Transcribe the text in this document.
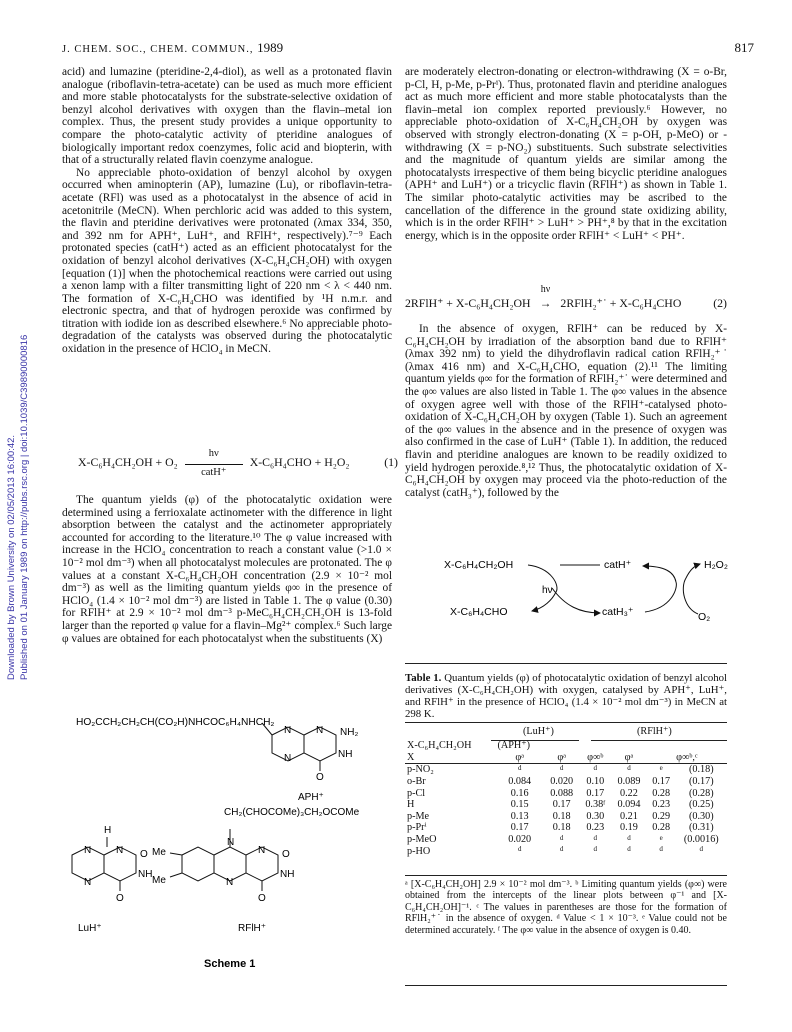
J. CHEM. SOC., CHEM. COMMUN., 1989	817
Downloaded by Brown University on 02/05/2013 16:00:42. Published on 01 January 1989 on http://pubs.rsc.org | doi:10.1039/C39890000816

acid) and lumazine (pteridine-2,4-diol), as well as a protonated flavin analogue (riboflavin-tetra-acetate) can be used as much more efficient and more stable photocatalysts for the substrate-selective oxidation of benzyl alcohol derivatives with oxygen than the flavin–metal ion complex. Thus, the present study provides a unique opportunity to compare the photo-catalytic activity of pteridine analogues of biologically important redox coenzymes, folic acid and biopterin, with that of a structurally related flavin coenzyme analogue.

No appreciable photo-oxidation of benzyl alcohol by oxygen occurred when aminopterin (AP), lumazine (Lu), or riboflavin-tetra-acetate (RFl) was used as a photocatalyst in the absence of acid in acetonitrile (MeCN). When perchloric acid was added to this system, the flavin and pteridine derivatives were protonated (λmax 334, 350, and 392 nm for APH⁺, LuH⁺, and RFlH⁺, respectively).⁷⁻⁹ Each protonated species (catH⁺) acted as an efficient photocatalyst for the oxidation of benzyl alcohol derivatives (X-C₆H₄CH₂OH) with oxygen [equation (1)] when the photochemical reactions were carried out using a xenon lamp with a filter transmitting light of 220 nm < λ < 440 nm. The formation of X-C₆H₄CHO was identified by ¹H n.m.r. and electronic spectra, and that of hydrogen peroxide was confirmed by titration with iodide ion as described elsewhere.⁶ No appreciable photo-degradation of the catalysts was observed during the photocatalytic oxidation in the presence of HClO₄ in MeCN.

X-C₆H₄CH₂OH + O₂
hν
catH⁺
X-C₆H₄CHO + H₂O₂	(1)

The quantum yields (φ) of the photocatalytic oxidation were determined using a ferrioxalate actinometer with the difference in light absorption between the catalyst and the actinometer appropriately accounted for according to the literature.¹⁰ The φ value increased with increase in the HClO₄ concentration to reach a constant value (>1.0 × 10⁻² mol dm⁻³) when all photocatalyst molecules are protonated. The φ values at a constant X-C₆H₄CH₂OH concentration (2.9 × 10⁻² mol dm⁻³) as well as the limiting quantum yields φ∞ in the presence of HClO₄ (1.4 × 10⁻² mol dm⁻³) are listed in Table 1. The φ value (0.30) for RFlH⁺ at 2.9 × 10⁻² mol dm⁻³ p-MeC₆H₄CH₂CH₂OH is 13-fold larger than the reported φ value for a flavin–Mg²⁺ complex.⁶ Such large φ values are obtained for each photocatalyst when the substituents (X)

are moderately electron-donating or electron-withdrawing (X = o-Br, p-Cl, H, p-Me, p-Prⁱ). Thus, protonated flavin and pteridine analogues act as much more efficient and more stable photocatalysts than the flavin–metal ion complex reported previously.⁶ However, no appreciable photo-oxidation of X-C₆H₄CH₂OH by oxygen was observed with strongly electron-donating (X = p-OH, p-MeO) or -withdrawing (X = p-NO₂) substituents. Such substrate selectivities and the magnitude of quantum yields are similar among the photocatalysts irrespective of them being bicyclic pteridine analogues (APH⁺ and LuH⁺) or a tricyclic flavin (RFlH⁺) as shown in Table 1. The similar photo-catalytic activities may be ascribed to the cancellation of the difference in the ground state oxidizing ability, which is in the order RFlH⁺ > LuH⁺ > PH⁺,⁸ by that in the excitation energy, which is in the opposite order RFlH⁺ < LuH⁺ < PH⁺.

2RFlH⁺ + X-C₆H₄CH₂OH
hν
→ 2RFlH₂⁺˙ + X-C₆H₄CHO	(2)

In the absence of oxygen, RFlH⁺ can be reduced by X-C₆H₄CH₂OH by irradiation of the absorption band due to RFlH⁺ (λmax 392 nm) to yield the dihydroflavin radical cation RFlH₂⁺˙ (λmax 416 nm) and X-C₆H₄CHO, equation (2).¹¹ The limiting quantum yields φ∞ for the formation of RFlH₂⁺˙ were determined and the φ∞ values are also listed in Table 1. The φ∞ values in the absence of oxygen agree well with those of the RFlH⁺-catalysed photo-oxidation of X-C₆H₄CH₂OH by oxygen (Table 1). Such an agreement of the φ∞ values in the absence and in the presence of oxygen was also confirmed in the case of LuH⁺ (Table 1). In addition, the reduced flavin and pteridine analogues are known to be readily oxidized to yield hydrogen peroxide.⁸,¹² Thus, the photocatalytic oxidation of X-C₆H₄CH₂OH by oxygen may proceed via the photo-reduction of the catalyst (catH₃⁺), followed by the

X-C₆H₄CH₂OH
X-C₆H₄CHO
hν
catH⁺
catH₃⁺
H₂O₂
O₂
HO₂CCH₂CH₂CH(CO₂H)NHCOC₆H₄NHCH₂
N N NH₂
NH
N
O
APH⁺
H
N N O
NH
N
O
LuH⁺
CH₂(CHOCOMe)₃CH₂OCOMe
Me
Me
N
N O
NH
N
O
RFlH⁺
Scheme 1
Table 1. Quantum yields (φ) of photocatalytic oxidation of benzyl alcohol derivatives (X-C₆H₄CH₂OH) with oxygen, catalysed by APH⁺, LuH⁺, and RFlH⁺ in the presence of HClO₄ (1.4 × 10⁻² mol dm⁻³) in MeCN at 298 K.
(LuH⁺)	(RFlH⁺)
X-C₆H₄CH₂OH	(APH⁺)					
X	φᵃ	φᵃ	φ∞ᵇ	φᵃ	φ∞ᵇ,ᶜ	
p-NO₂	d	d	d	d	e	(0.18)
o-Br	0.084	0.020	0.10	0.089	0.17	(0.17)
p-Cl	0.16	0.088	0.17	0.22	0.28	(0.28)
H	0.15	0.17	0.38ᶠ	0.094	0.23	(0.25)
p-Me	0.13	0.18	0.30	0.21	0.29	(0.30)
p-Prⁱ	0.17	0.18	0.23	0.19	0.28	(0.31)
p-MeO	0.020	d	d	d	e	(0.0016)
p-HO	d	d	d	d	d	d
ᵃ [X-C₆H₄CH₂OH] 2.9 × 10⁻² mol dm⁻³. ᵇ Limiting quantum yields (φ∞) were obtained from the intercepts of the linear plots between φ⁻¹ and [X-C₆H₄CH₂OH]⁻¹. ᶜ The values in parentheses are those for the formation of RFlH₂⁺˙ in the absence of oxygen. ᵈ Value < 1 × 10⁻³. ᵉ Value could not be determined accurately. ᶠ The φ∞ value in the absence of oxygen is 0.40.
